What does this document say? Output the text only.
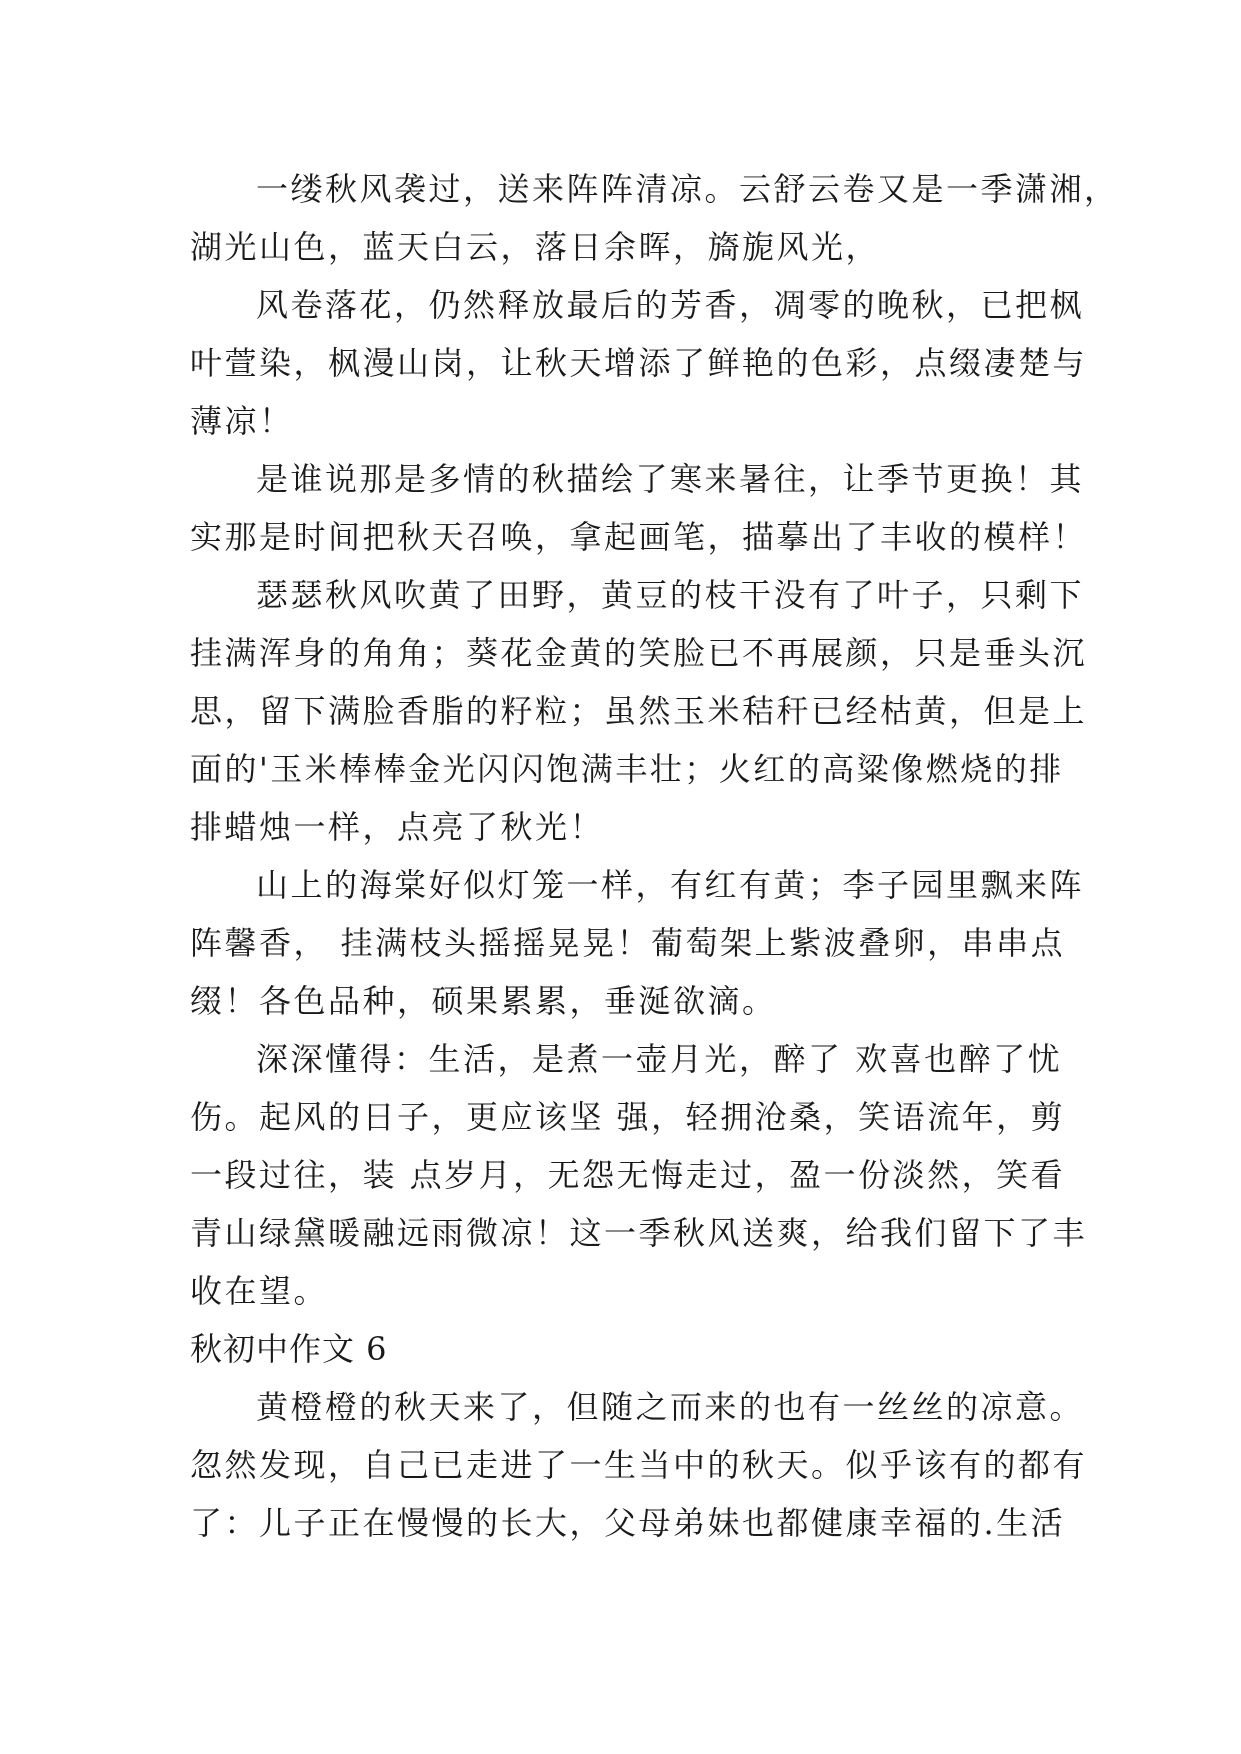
一缕秋风袭过，送来阵阵清凉。云舒云卷又是一季潇湘，
湖光山色，蓝天白云，落日余晖，旖旎风光，
风卷落花，仍然释放最后的芳香，凋零的晚秋，已把枫
叶萱染，枫漫山岗，让秋天增添了鲜艳的色彩，点缀凄楚与
薄凉！
是谁说那是多情的秋描绘了寒来暑往，让季节更换！其
实那是时间把秋天召唤，拿起画笔，描摹出了丰收的模样！
瑟瑟秋风吹黄了田野，黄豆的枝干没有了叶子，只剩下
挂满浑身的角角；葵花金黄的笑脸已不再展颜，只是垂头沉
思，留下满脸香脂的籽粒；虽然玉米秸秆已经枯黄，但是上
面的'玉米棒棒金光闪闪饱满丰壮；火红的高粱像燃烧的排
排蜡烛一样，点亮了秋光！
山上的海棠好似灯笼一样，有红有黄；李子园里飘来阵
阵馨香， 挂满枝头摇摇晃晃！葡萄架上紫波叠卵，串串点
缀！各色品种，硕果累累，垂涎欲滴。
深深懂得：生活，是煮一壶月光，醉了 欢喜也醉了忧
伤。起风的日子，更应该坚 强，轻拥沧桑，笑语流年，剪
一段过往，装 点岁月，无怨无悔走过，盈一份淡然，笑看
青山绿黛暖融远雨微凉！这一季秋风送爽，给我们留下了丰
收在望。
秋初中作文 6
黄橙橙的秋天来了，但随之而来的也有一丝丝的凉意。
忽然发现，自己已走进了一生当中的秋天。似乎该有的都有
了：儿子正在慢慢的长大，父母弟妹也都健康幸福的.生活
